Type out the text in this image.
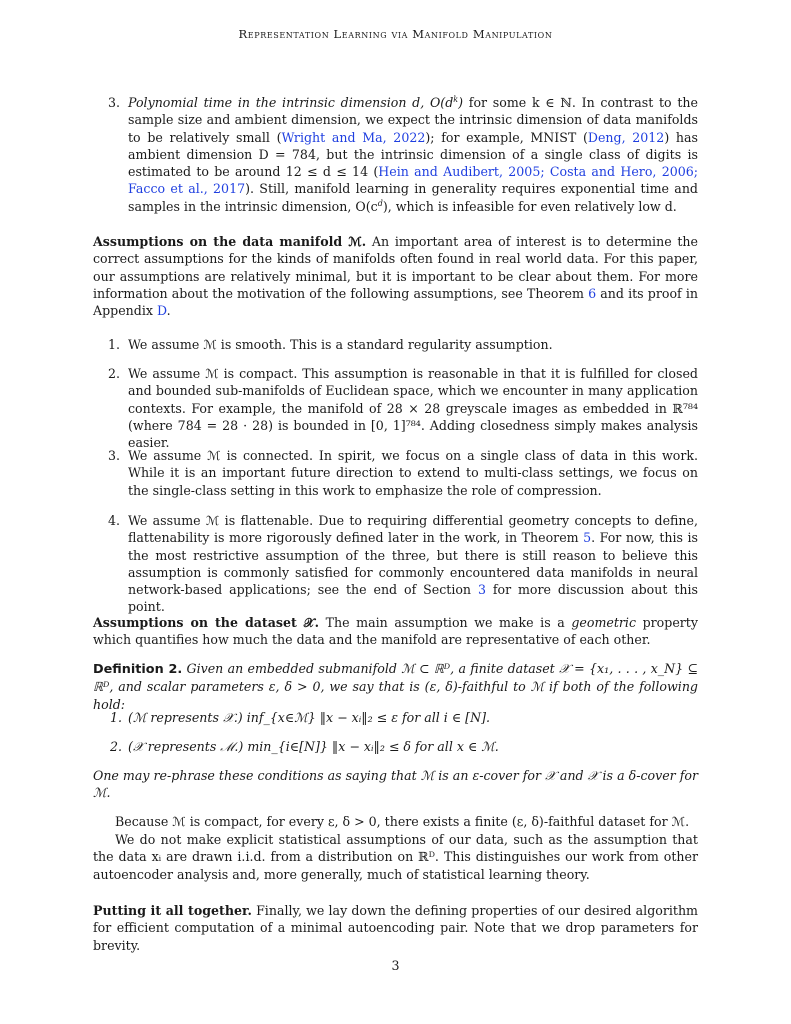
Representation Learning via Manifold Manipulation
3. Polynomial time in the intrinsic dimension d, $O(d^k)$ for some k ∈ ℕ. In contrast to the sample size and ambient dimension, we expect the intrinsic dimension of data manifolds to be relatively small (Wright and Ma, 2022); for example, MNIST (Deng, 2012) has ambient dimension D = 784, but the intrinsic dimension of a single class of digits is estimated to be around 12 ≤ d ≤ 14 (Hein and Audibert, 2005; Costa and Hero, 2006; Facco et al., 2017). Still, manifold learning in generality requires exponential time and samples in the intrinsic dimension, $O(c^d)$, which is infeasible for even relatively low d.
Assumptions on the data manifold ℳ. An important area of interest is to determine the correct assumptions for the kinds of manifolds often found in real world data. For this paper, our assumptions are relatively minimal, but it is important to be clear about them. For more information about the motivation of the following assumptions, see Theorem 6 and its proof in Appendix D.
1. We assume ℳ is smooth. This is a standard regularity assumption.
2. We assume ℳ is compact. This assumption is reasonable in that it is fulfilled for closed and bounded sub-manifolds of Euclidean space, which we encounter in many application contexts. For example, the manifold of 28 × 28 greyscale images as embedded in ℝ⁷⁸⁴ (where 784 = 28 · 28) is bounded in [0, 1]⁷⁸⁴. Adding closedness simply makes analysis easier.
3. We assume ℳ is connected. In spirit, we focus on a single class of data in this work. While it is an important future direction to extend to multi-class settings, we focus on the single-class setting in this work to emphasize the role of compression.
4. We assume ℳ is flattenable. Due to requiring differential geometry concepts to define, flattenability is more rigorously defined later in the work, in Theorem 5. For now, this is the most restrictive assumption of the three, but there is still reason to believe this assumption is commonly satisfied for commonly encountered data manifolds in neural network-based applications; see the end of Section 3 for more discussion about this point.
Assumptions on the dataset 𝒳. The main assumption we make is a geometric property which quantifies how much the data and the manifold are representative of each other.
Definition 2. Given an embedded submanifold ℳ ⊂ ℝᴰ, a finite dataset 𝒳 = {x₁, . . . , x_N} ⊆ ℝᴰ, and scalar parameters ε, δ > 0, we say that is (ε, δ)-faithful to ℳ if both of the following hold:
1. (ℳ represents 𝒳.) inf_{x∈ℳ} ‖x − xᵢ‖₂ ≤ ε for all i ∈ [N].
2. (𝒳 represents ℳ.) min_{i∈[N]} ‖x − xᵢ‖₂ ≤ δ for all x ∈ ℳ.
One may re-phrase these conditions as saying that ℳ is an ε-cover for 𝒳 and 𝒳 is a δ-cover for ℳ.
Because ℳ is compact, for every ε, δ > 0, there exists a finite (ε, δ)-faithful dataset for ℳ.
We do not make explicit statistical assumptions of our data, such as the assumption that the data xᵢ are drawn i.i.d. from a distribution on ℝᴰ. This distinguishes our work from other autoencoder analysis and, more generally, much of statistical learning theory.
Putting it all together. Finally, we lay down the defining properties of our desired algorithm for efficient computation of a minimal autoencoding pair. Note that we drop parameters for brevity.
3
